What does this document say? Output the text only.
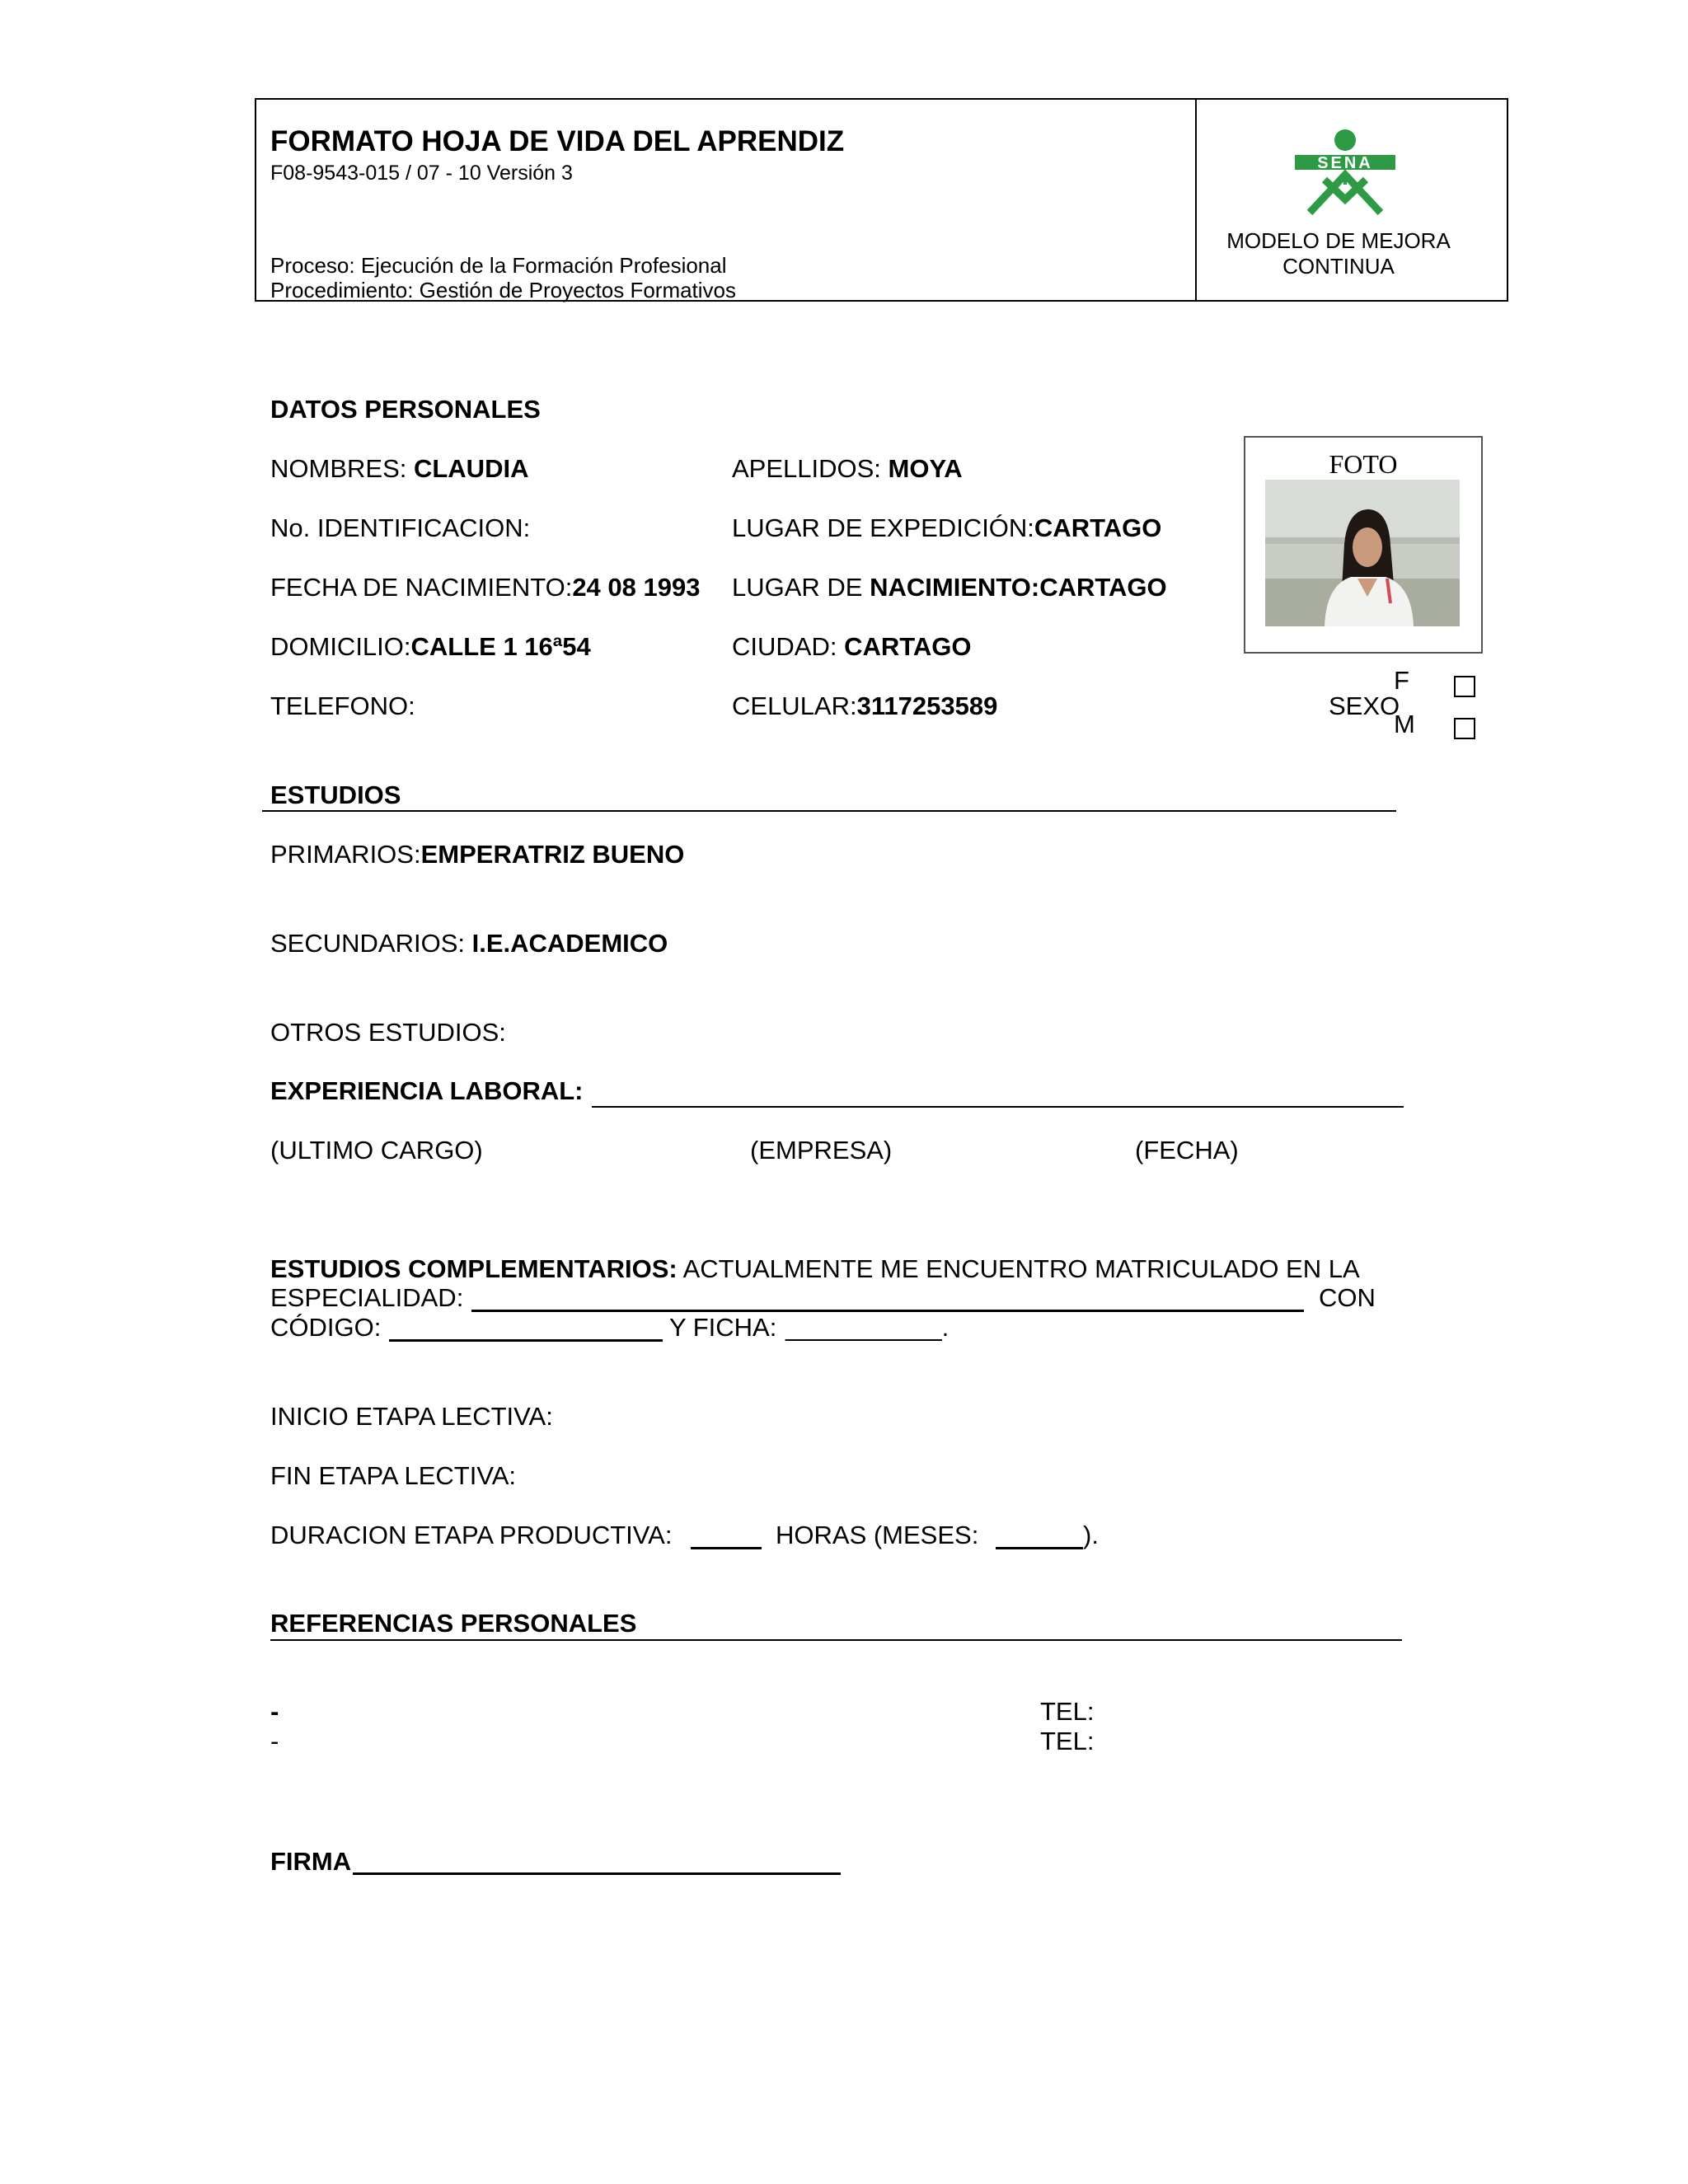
FORMATO HOJA DE VIDA DEL APRENDIZ
F08-9543-015 / 07 - 10 Versión 3
Proceso: Ejecución de la Formación Profesional
Procedimiento: Gestión de Proyectos Formativos
SENA
MODELO DE MEJORA
CONTINUA
DATOS PERSONALES
NOMBRES: CLAUDIA	APELLIDOS: MOYA
No. IDENTIFICACION:	LUGAR DE EXPEDICIÓN:CARTAGO
FECHA DE NACIMIENTO:24 08 1993 LUGAR DE NACIMIENTO:CARTAGO
DOMICILIO:CALLE 1 16ª54	CIUDAD: CARTAGO
TELEFONO:	CELULAR:3117253589
FOTO
SEXO
F
M
ESTUDIOS
PRIMARIOS:EMPERATRIZ BUENO
SECUNDARIOS: I.E.ACADEMICO
OTROS ESTUDIOS:
EXPERIENCIA LABORAL:
(ULTIMO CARGO)	(EMPRESA)	(FECHA)
ESTUDIOS COMPLEMENTARIOS: ACTUALMENTE ME ENCUENTRO MATRICULADO EN LA
ESPECIALIDAD:	CON
CÓDIGO:	Y FICHA: ___________.
INICIO ETAPA LECTIVA:
FIN ETAPA LECTIVA:
DURACION ETAPA PRODUCTIVA:	HORAS (MESES:	).
REFERENCIAS PERSONALES
-	TEL:
-	TEL:
FIRMA
